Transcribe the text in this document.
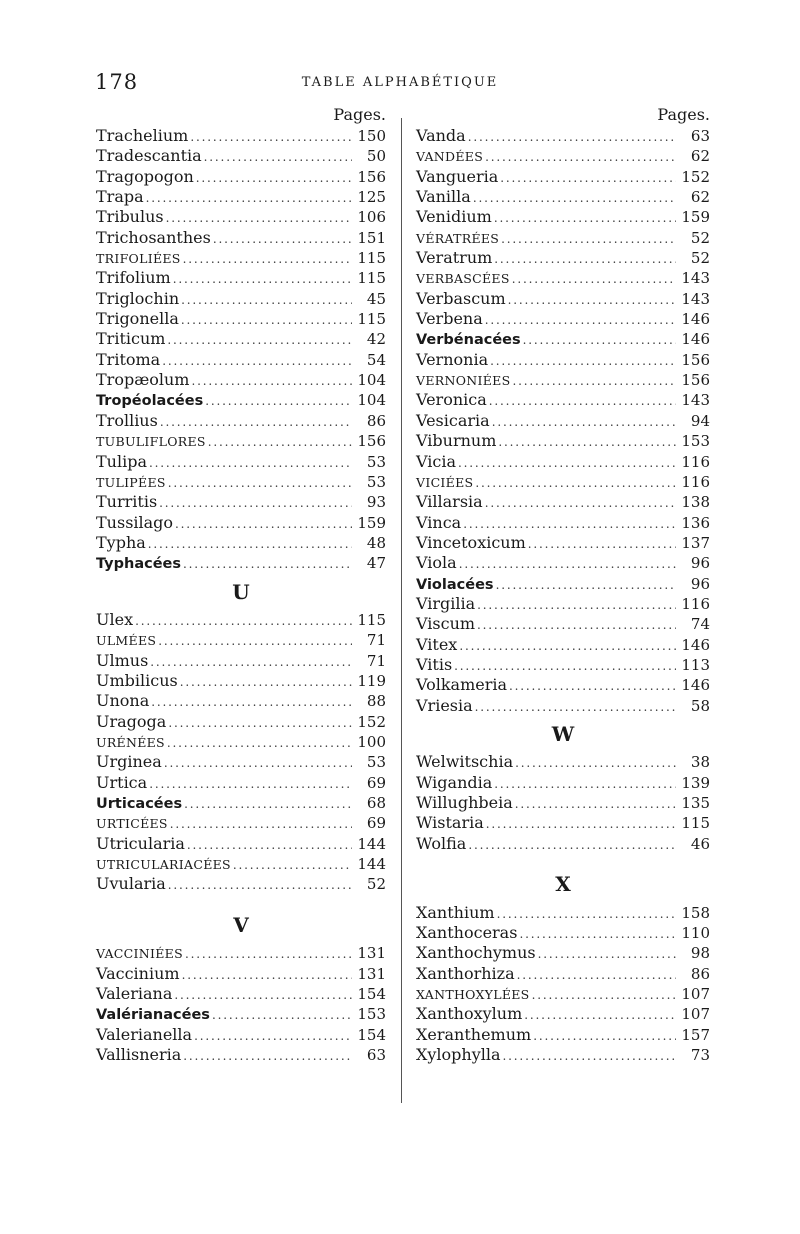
178	TABLE ALPHABÉTIQUE
Pages.
Trachelium . . .	150
Tradescantia . . .	50
Tragopogon . . .	156
Trapa . . .	125
Tribulus . . .	106
Trichosanthes . . .	151
TRIFOLIÉES . . .	115
Trifolium . . .	115
Triglochin . . .	45
Trigonella . . .	115
Triticum . . .	42
Tritoma . . .	54
Tropæolum . . .	104
Tropéolacées . . .	104
Trollius . . .	86
TUBULIFLORES . . .	156
Tulipa . . .	53
TULIPÉES . . .	53
Turritis . . .	93
Tussilago . . .	159
Typha . . .	48
Typhacées . . .	47
U
Ulex . . .	115
ULMÉES . . .	71
Ulmus . . .	71
Umbilicus . . .	119
Unona . . .	88
Uragoga . . .	152
URÉNÉES . . .	100
Urginea . . .	53
Urtica . . .	69
Urticacées . . .	68
URTICÉES . . .	69
Utricularia . . .	144
UTRICULARIACÉES . . .	144
Uvularia . . .	52
V
VACCINIÉES . . .	131
Vaccinium . . .	131
Valeriana . . .	154
Valérianacées . . .	153
Valerianella . . .	154
Vallisneria . . .	63
Pages.
Vanda . . .	63
VANDÉES . . .	62
Vangueria . . .	152
Vanilla . . .	62
Venidium . . .	159
VÉRATRÉES . . .	52
Veratrum . . .	52
VERBASCÉES . . .	143
Verbascum . . .	143
Verbena . . .	146
Verbénacées . . .	146
Vernonia . . .	156
VERNONIÉES . . .	156
Veronica . . .	143
Vesicaria . . .	94
Viburnum . . .	153
Vicia . . .	116
VICIÉES . . .	116
Villarsia . . .	138
Vinca . . .	136
Vincetoxicum . . .	137
Viola . . .	96
Violacées . . .	96
Virgilia . . .	116
Viscum . . .	74
Vitex . . .	146
Vitis . . .	113
Volkameria . . .	146
Vriesia . . .	58
W
Welwitschia . . .	38
Wigandia . . .	139
Willughbeia . . .	135
Wistaria . . .	115
Wolfia . . .	46
X
Xanthium . . .	158
Xanthoceras . . .	110
Xanthochymus . . .	98
Xanthorhiza . . .	86
XANTHOXYLÉES . . .	107
Xanthoxylum . . .	107
Xeranthemum . . .	157
Xylophylla . . .	73
